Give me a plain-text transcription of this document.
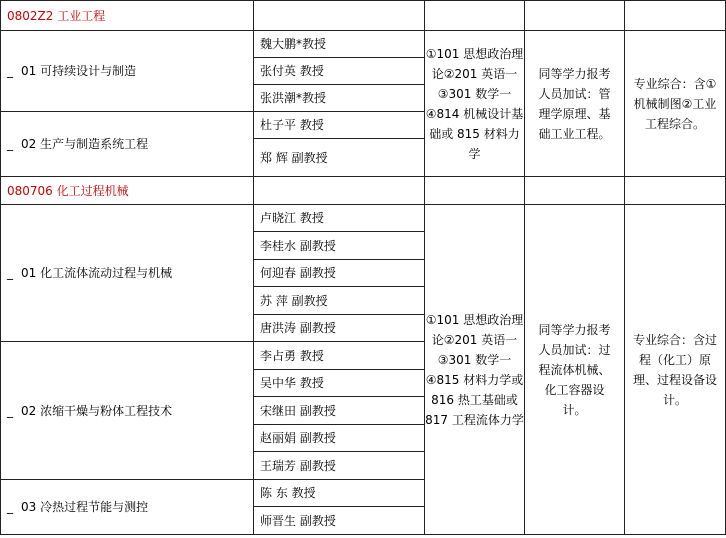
0802Z2 工业工程				
_ 01 可持续设计与制造	魏大鹏*教授	①101 思想政治理论②201 英语一③301 数学一④814 机械设计基础或 815 材料力学	同等学力报考人员加试：管理学原理、基础工业工程。	专业综合：含①机械制图②工业工程综合。
	张付英 教授			
	张洪潮*教授			
_ 02 生产与制造系统工程	杜子平 教授			
	郑 辉 副教授			
080706 化工过程机械				
_ 01 化工流体流动过程与机械	卢晓江 教授	①101 思想政治理论②201 英语一③301 数学一④815 材料力学或 816 热工基础或 817 工程流体力学	同等学力报考人员加试：过程流体机械、化工容器设计。	专业综合：含过程（化工）原理、过程设备设计。
	李桂水 副教授			
	何迎春 副教授			
	苏 萍 副教授			
	唐洪涛 副教授			
_ 02 浓缩干燥与粉体工程技术	李占勇 教授			
	吴中华 教授			
	宋继田 副教授			
	赵丽娟 副教授			
	王瑞芳 副教授			
_ 03 冷热过程节能与测控	陈 东 教授			
	师晋生 副教授			
